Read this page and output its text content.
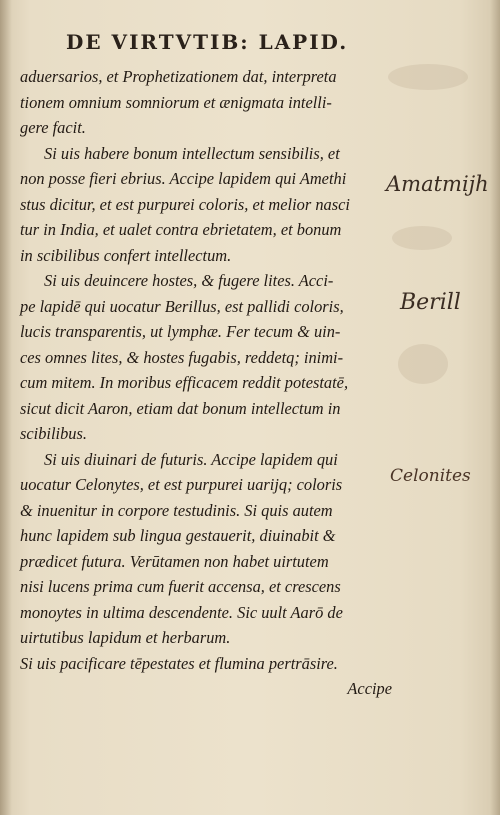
DE VIRTVTIB: LAPID.
aduersarios, et Prophetizationem dat, interpreta
tionem omnium somniorum et ænigmata intelli-
gere facit.
Si uis habere bonum intellectum sensibilis, et
non posse fieri ebrius. Accipe lapidem qui Amethi
stus dicitur, et est purpurei coloris, et melior nasci
tur in India, et ualet contra ebrietatem, et bonum
in scibilibus confert intellectum.
Si uis deuincere hostes, & fugere lites. Acci-
pe lapidē qui uocatur Berillus, est pallidi coloris,
lucis transparentis, ut lymphæ. Fer tecum & uin-
ces omnes lites, & hostes fugabis, reddetq; inimi-
cum mitem. In moribus efficacem reddit potestatē,
sicut dicit Aaron, etiam dat bonum intellectum in
scibilibus.
Si uis diuinari de futuris. Accipe lapidem qui
uocatur Celonytes, et est purpurei uarijq; coloris
& inuenitur in corpore testudinis. Si quis autem
hunc lapidem sub lingua gestauerit, diuinabit &
prædicet futura. Verūtamen non habet uirtutem
nisi lucens prima cum fuerit accensa, et crescens
monoytes in ultima descendente. Sic uult Aarō de
uirtutibus lapidum et herbarum.
Si uis pacificare tēpestates et flumina pertrāsire.
Accipe
Amatmijh
Berill
Celonites
